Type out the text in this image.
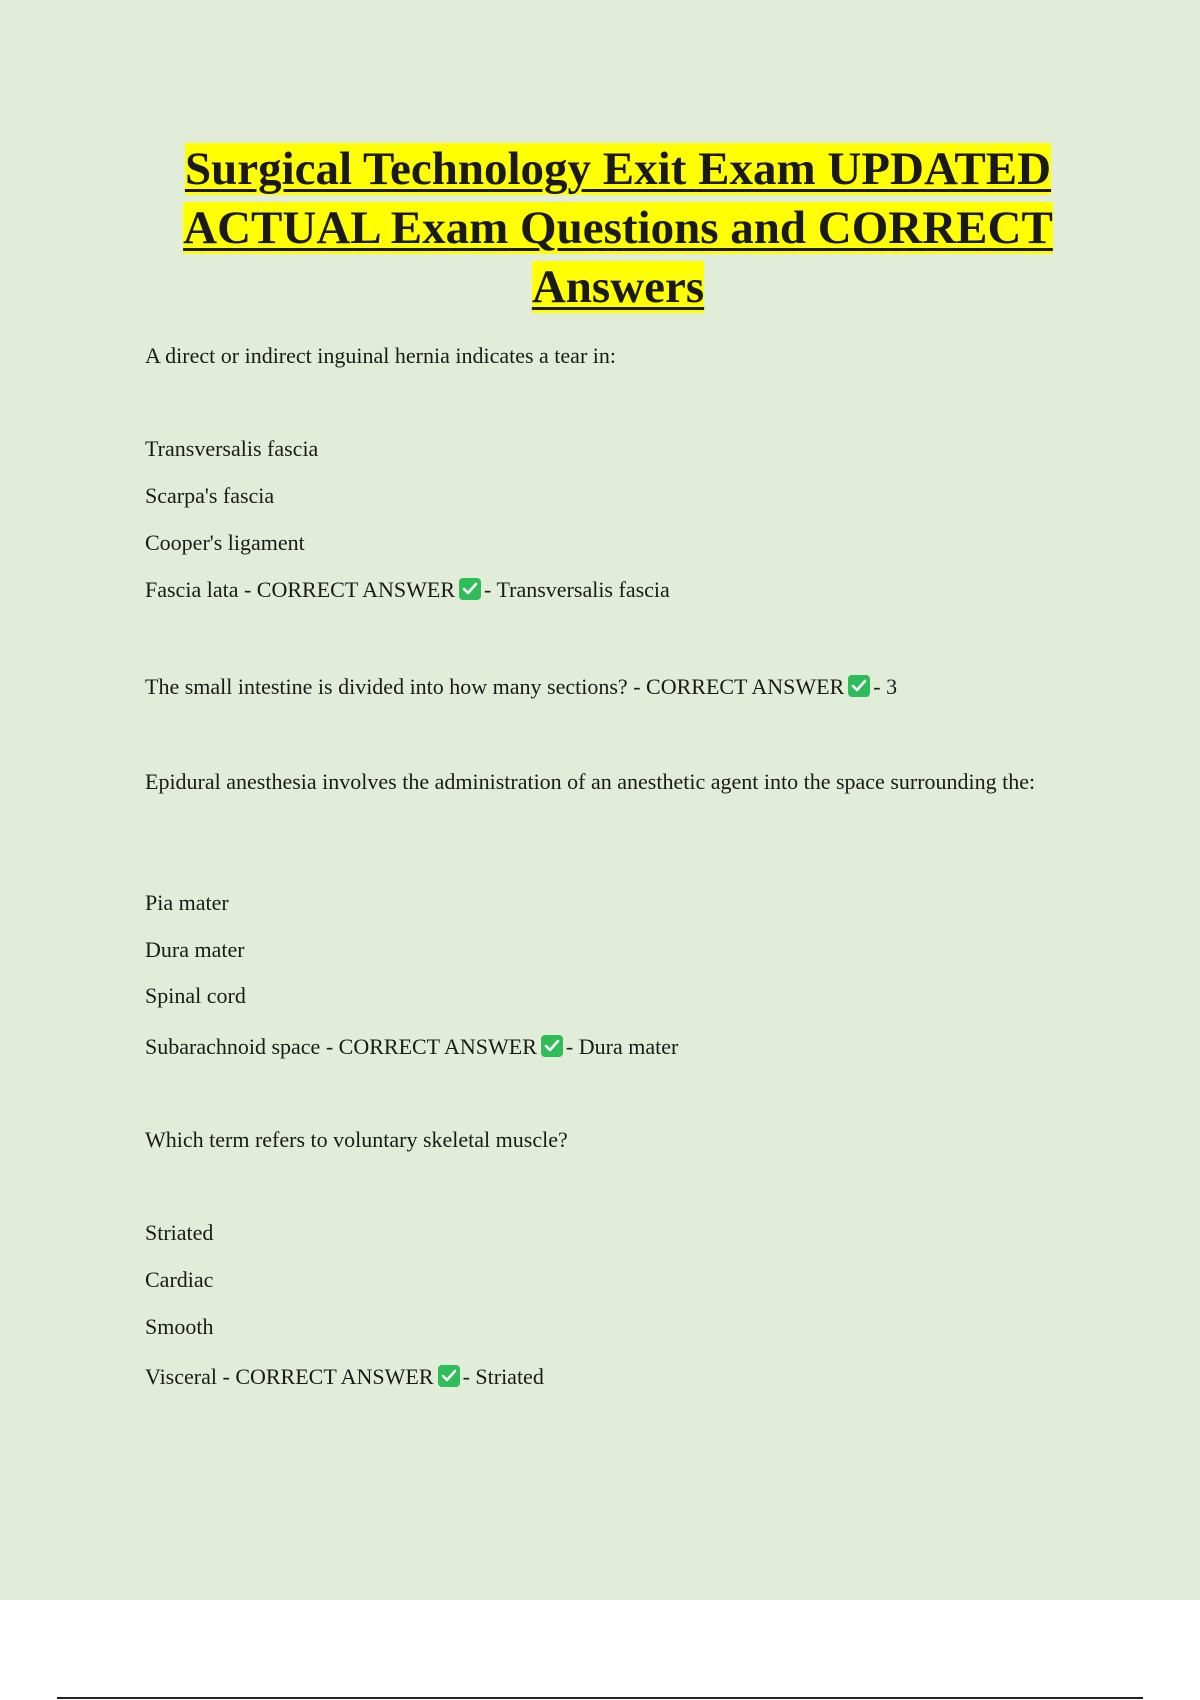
Surgical Technology Exit Exam UPDATED ACTUAL Exam Questions and CORRECT Answers
A direct or indirect inguinal hernia indicates a tear in:
Transversalis fascia
Scarpa's fascia
Cooper's ligament
Fascia lata - CORRECT ANSWER - Transversalis fascia
The small intestine is divided into how many sections? - CORRECT ANSWER - 3
Epidural anesthesia involves the administration of an anesthetic agent into the space surrounding the:
Pia mater
Dura mater
Spinal cord
Subarachnoid space - CORRECT ANSWER - Dura mater
Which term refers to voluntary skeletal muscle?
Striated
Cardiac
Smooth
Visceral - CORRECT ANSWER - Striated
